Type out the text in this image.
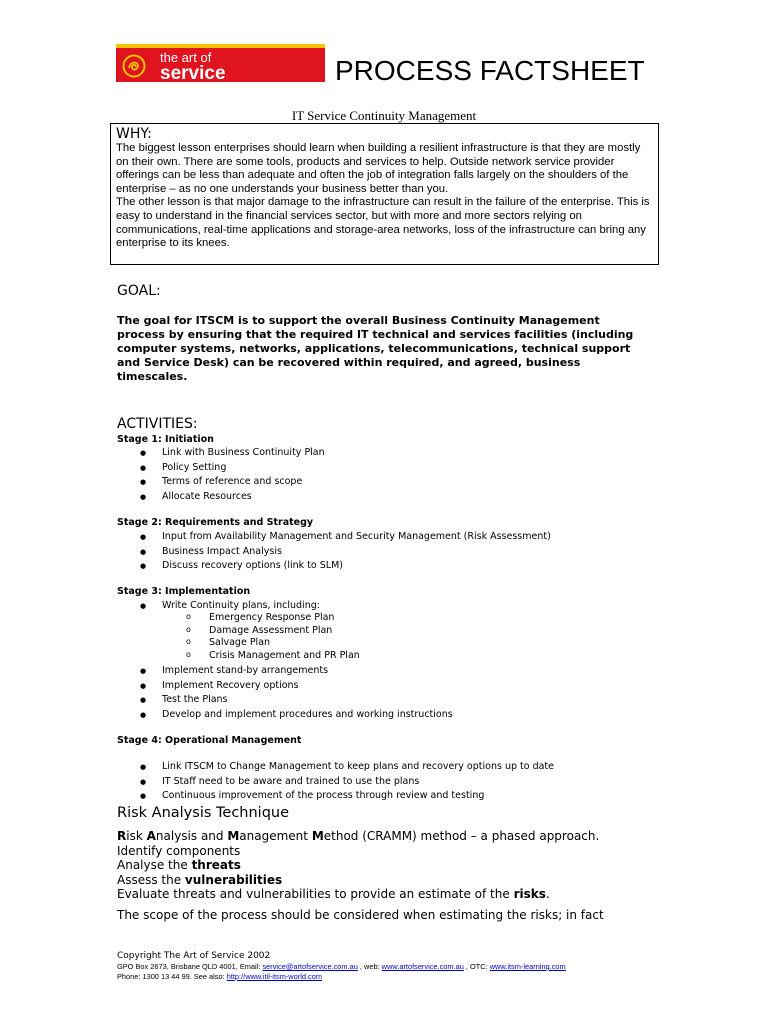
the art of
service	PROCESS FACTSHEET
IT Service Continuity Management
WHY:

The biggest lesson enterprises should learn when building a resilient infrastructure is that they are mostly on their own. There are some tools, products and services to help. Outside network service provider offerings can be less than adequate and often the job of integration falls largely on the shoulders of the enterprise – as no one understands your business better than you.

The other lesson is that major damage to the infrastructure can result in the failure of the enterprise. This is easy to understand in the financial services sector, but with more and more sectors relying on communications, real-time applications and storage-area networks, loss of the infrastructure can bring any enterprise to its knees.

GOAL:

The goal for ITSCM is to support the overall Business Continuity Management process by ensuring that the required IT technical and services facilities (including computer systems, networks, applications, telecommunications, technical support and Service Desk) can be recovered within required, and agreed, business timescales.

ACTIVITIES:
Stage 1: Initiation
● Link with Business Continuity Plan
● Policy Setting
● Terms of reference and scope
● Allocate Resources
Stage 2: Requirements and Strategy
● Input from Availability Management and Security Management (Risk Assessment)
● Business Impact Analysis
● Discuss recovery options (link to SLM)
Stage 3: Implementation
● Write Continuity plans, including:
o Emergency Response Plan
o Damage Assessment Plan
o Salvage Plan
o Crisis Management and PR Plan
● Implement stand-by arrangements
● Implement Recovery options
● Test the Plans
● Develop and implement procedures and working instructions
Stage 4: Operational Management
● Link ITSCM to Change Management to keep plans and recovery options up to date
● IT Staff need to be aware and trained to use the plans
● Continuous improvement of the process through review and testing
Risk Analysis Technique
Risk Analysis and Management Method (CRAMM) method – a phased approach.
Identify components
Analyse the threats
Assess the vulnerabilities
Evaluate threats and vulnerabilities to provide an estimate of the risks.
The scope of the process should be considered when estimating the risks; in fact
Copyright The Art of Service 2002
GPO Box 2673, Brisbane QLD 4001, Email: service@artofservice.com.au , web: www.artofservice.com.au , OTC: www.itsm-learning.com
Phone: 1300 13 44 99. See also: http://www.itil-itsm-world.com
